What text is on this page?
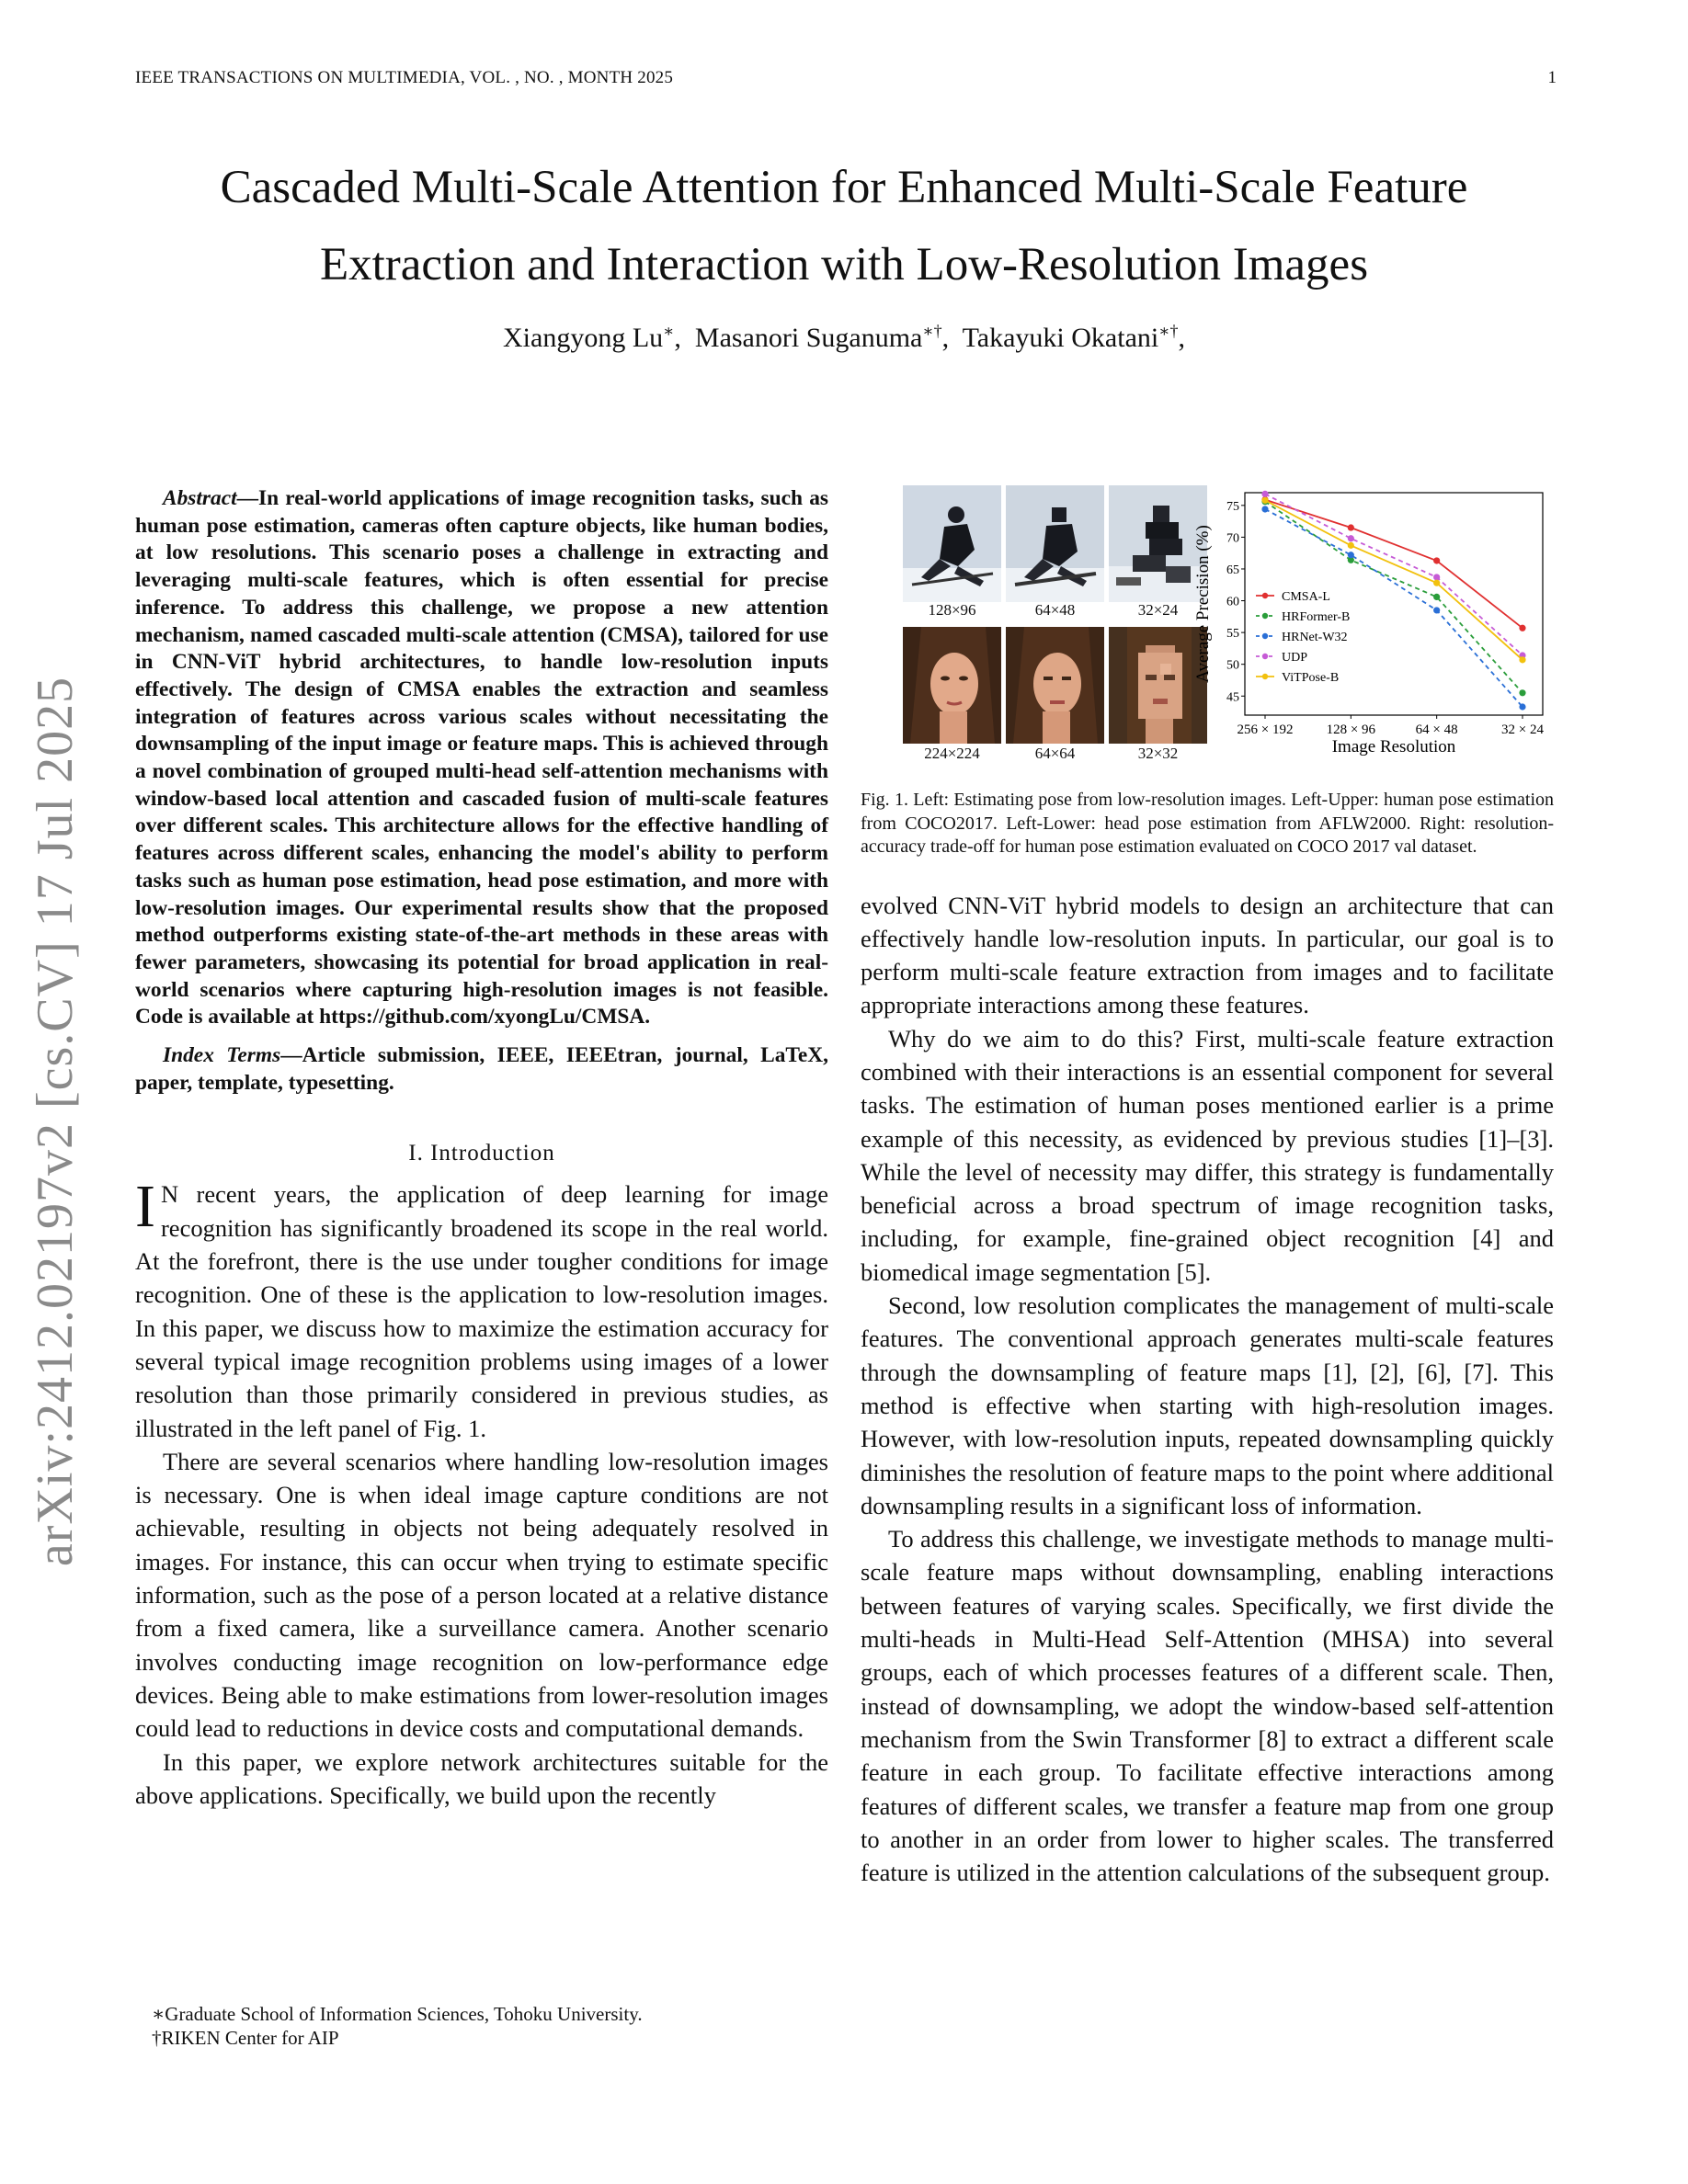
IEEE TRANSACTIONS ON MULTIMEDIA, VOL. , NO. , MONTH 2025	1
arXiv:2412.02197v2 [cs.CV] 17 Jul 2025
Cascaded Multi-Scale Attention for Enhanced Multi-Scale Feature
Extraction and Interaction with Low-Resolution Images
Xiangyong Lu∗,  Masanori Suganuma∗†,  Takayuki Okatani∗†,

Abstract—In real-world applications of image recognition tasks, such as human pose estimation, cameras often capture objects, like human bodies, at low resolutions. This scenario poses a challenge in extracting and leveraging multi-scale features, which is often essential for precise inference. To address this challenge, we propose a new attention mechanism, named cascaded multi-scale attention (CMSA), tailored for use in CNN-ViT hybrid architectures, to handle low-resolution inputs effectively. The design of CMSA enables the extraction and seamless integration of features across various scales without necessitating the downsampling of the input image or feature maps. This is achieved through a novel combination of grouped multi-head self-attention mechanisms with window-based local attention and cascaded fusion of multi-scale features over different scales. This architecture allows for the effective handling of features across different scales, enhancing the model's ability to perform tasks such as human pose estimation, head pose estimation, and more with low-resolution images. Our experimental results show that the proposed method outperforms existing state-of-the-art methods in these areas with fewer parameters, showcasing its potential for broad application in real-world scenarios where capturing high-resolution images is not feasible. Code is available at https://github.com/xyongLu/CMSA.

Index Terms—Article submission, IEEE, IEEEtran, journal, LaTeX, paper, template, typesetting.

I. Introduction

I N recent years, the application of deep learning for image recognition has significantly broadened its scope in the real world. At the forefront, there is the use under tougher conditions for image recognition. One of these is the application to low-resolution images. In this paper, we discuss how to maximize the estimation accuracy for several typical image recognition problems using images of a lower resolution than those primarily considered in previous studies, as illustrated in the left panel of Fig. 1.

There are several scenarios where handling low-resolution images is necessary. One is when ideal image capture conditions are not achievable, resulting in objects not being adequately resolved in images. For instance, this can occur when trying to estimate specific information, such as the pose of a person located at a relative distance from a fixed camera, like a surveillance camera. Another scenario involves conducting image recognition on low-performance edge devices. Being able to make estimations from lower-resolution images could lead to reductions in device costs and computational demands.

In this paper, we explore network architectures suitable for the above applications. Specifically, we build upon the recently

∗Graduate School of Information Sciences, Tohoku University.
†RIKEN Center for AIP
128×96	64×48	32×24
224×224	64×64	32×32
45
50
55
60
65
70
75
256 × 192 128 × 96	64 × 48	32 × 24
Image Resolution
Average Precision (%)	CMSA-L
HRFormer-B
HRNet-W32
UDP
ViTPose-B

Fig. 1. Left: Estimating pose from low-resolution images. Left-Upper: human pose estimation from COCO2017. Left-Lower: head pose estimation from AFLW2000. Right: resolution-accuracy trade-off for human pose estimation evaluated on COCO 2017 val dataset.

evolved CNN-ViT hybrid models to design an architecture that can effectively handle low-resolution inputs. In particular, our goal is to perform multi-scale feature extraction from images and to facilitate appropriate interactions among these features.

Why do we aim to do this? First, multi-scale feature extraction combined with their interactions is an essential component for several tasks. The estimation of human poses mentioned earlier is a prime example of this necessity, as evidenced by previous studies [1]–[3]. While the level of necessity may differ, this strategy is fundamentally beneficial across a broad spectrum of image recognition tasks, including, for example, fine-grained object recognition [4] and biomedical image segmentation [5].

Second, low resolution complicates the management of multi-scale features. The conventional approach generates multi-scale features through the downsampling of feature maps [1], [2], [6], [7]. This method is effective when starting with high-resolution images. However, with low-resolution inputs, repeated downsampling quickly diminishes the resolution of feature maps to the point where additional downsampling results in a significant loss of information.

To address this challenge, we investigate methods to manage multi-scale feature maps without downsampling, enabling interactions between features of varying scales. Specifically, we first divide the multi-heads in Multi-Head Self-Attention (MHSA) into several groups, each of which processes features of a different scale. Then, instead of downsampling, we adopt the window-based self-attention mechanism from the Swin Transformer [8] to extract a different scale feature in each group. To facilitate effective interactions among features of different scales, we transfer a feature map from one group to another in an order from lower to higher scales. The transferred feature is utilized in the attention calculations of the subsequent group.
